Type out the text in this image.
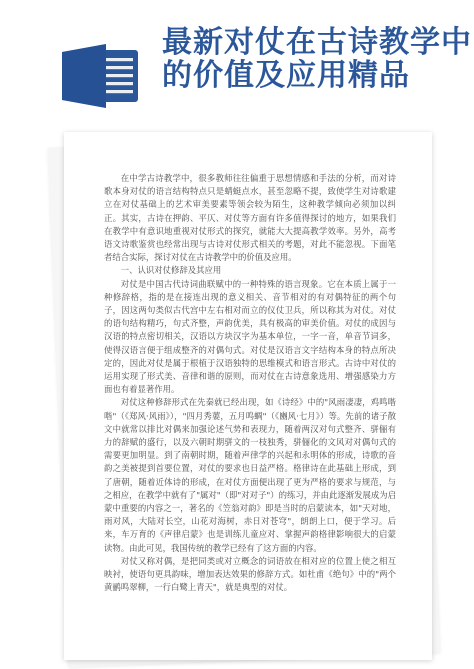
最新对仗在古诗教学中的价值及应用精品

在中学古诗教学中，很多教师往往偏重于思想情感和手法的分析，而对诗歌本身对仗的语言结构特点只是蜻蜓点水，甚至忽略不提，致使学生对诗歌建立在对仗基础上的艺术审美要素等领会较为陌生，这种教学倾向必须加以纠正。其实，古诗在押韵、平仄、对仗等方面有许多值得探讨的地方，如果我们在教学中有意识地重视对仗形式的探究，就能大大提高教学效率。另外，高考语文诗歌鉴赏也经常出现与古诗对仗形式相关的考题，对此不能忽视。下面笔者结合实际，探讨对仗在古诗教学中的价值及应用。

一、认识对仗修辞及其应用

对仗是中国古代诗词曲联赋中的一种特殊的语言现象。它在本质上属于一种修辞格，指的是在接连出现的意义相关、音节相对的有对偶特征的两个句子，因这两句类似古代宫中左右相对而立的仪仗卫兵，所以称其为对仗。对仗的语句结构精巧，句式齐整，声韵优美，具有极高的审美价值。对仗的成因与汉语的特点密切相关，汉语以方块汉字为基本单位，一字一音，单音节词多，使得汉语言便于组成整齐的对偶句式。对仗是汉语言文字结构本身的特点所决定的，因此对仗是属于根植于汉语独特的思维模式和语言形式。古诗中对仗的运用实现了形式美、音律和谐的原则，而对仗在古诗意象选用、增强感染力方面也有着显著作用。

对仗这种修辞形式在先秦就已经出现，如《诗经》中的"风雨凄凄，鸡鸣喈喈"（《郑风·风雨》），"四月秀葽，五月鸣蜩"（《豳风·七月》）等。先前的诸子散文中就常以排比对偶来加强论述气势和表现力，随着两汉对句式整齐、骈俪有力的辞赋的盛行，以及六朝时期骈文的一枝独秀，骈俪化的文风对对偶句式的需要更加明显。到了南朝时期，随着声律学的兴起和永明体的形成，诗歌的音韵之美被提到首要位置，对仗的要求也日益严格。格律诗在此基础上形成，到了唐朝，随着近体诗的形成，在对仗方面便出现了更为严格的要求与规范，与之相应，在教学中就有了"属对"（即"对对子"）的练习，并由此逐渐发展成为启蒙中重要的内容之一，著名的《笠翁对韵》即是当时的启蒙读本，如"天对地，雨对风，大陆对长空，山花对海树，赤日对苍穹"，朗朗上口，便于学习。后来，车万育的《声律启蒙》也是训练儿童应对、掌握声韵格律影响很大的启蒙读物。由此可见，我国传统的教学已经有了这方面的内容。

对仗又称对偶，是把同类或对立概念的词语放在相对应的位置上使之相互映衬，使语句更具韵味，增加表达效果的修辞方式。如杜甫《绝句》中的"两个黄鹂鸣翠柳，一行白鹭上青天"，就是典型的对仗。
